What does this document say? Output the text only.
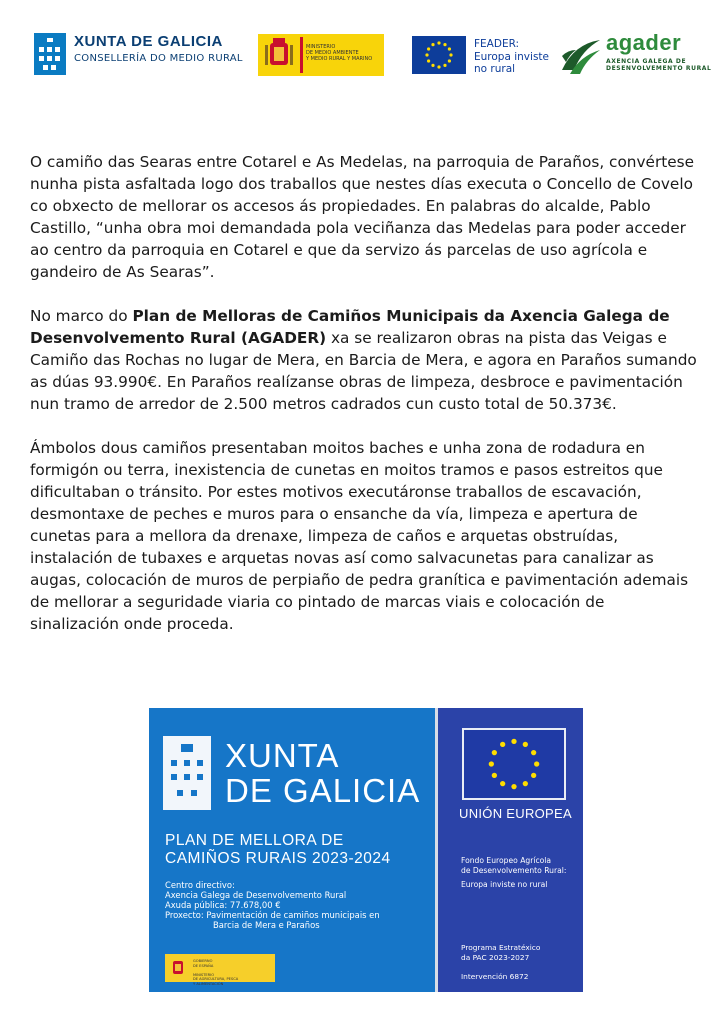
XUNTA DE GALICIA
CONSELLERÍA DO MEDIO RURAL
MINISTERIO
DE MEDIO AMBIENTE
Y MEDIO RURAL Y MARINO
FEADER:
Europa inviste
no rural
agader
AXENCIA GALEGA DE
DESENVOLVEMENTO RURAL

O camiño das Searas entre Cotarel e As Medelas, na parroquia de Paraños, convértese nunha pista asfaltada logo dos traballos que nestes días executa o Concello de Covelo co obxecto de mellorar os accesos ás propiedades. En palabras do alcalde, Pablo Castillo, “unha obra moi demandada pola veciñanza das Medelas para poder acceder ao centro da parroquia en Cotarel e que da servizo ás parcelas de uso agrícola e gandeiro de As Searas”.

No marco do Plan de Melloras de Camiños Municipais da Axencia Galega de Desenvolvemento Rural (AGADER) xa se realizaron obras na pista das Veigas e Camiño das Rochas no lugar de Mera, en Barcia de Mera, e agora en Paraños sumando as dúas 93.990€. En Paraños realízanse obras de limpeza, desbroce e pavimentación nun tramo de arredor de 2.500 metros cadrados cun custo total de 50.373€.

Ámbolos dous camiños presentaban moitos baches e unha zona de rodadura en formigón ou terra, inexistencia de cunetas en moitos tramos e pasos estreitos que dificultaban o tránsito. Por estes motivos executáronse traballos de escavación, desmontaxe de peches e muros para o ensanche da vía, limpeza e apertura de cunetas para a mellora da drenaxe, limpeza de caños e arquetas obstruídas, instalación de tubaxes e arquetas novas así como salvacunetas para canalizar as augas, colocación de muros de perpiaño de pedra granítica e pavimentación ademais de mellorar a seguridade viaria co pintado de marcas viais e colocación de sinalización onde proceda.

XUNTA
DE GALICIA
PLAN DE MELLORA DE
CAMIÑOS RURAIS 2023-2024
Centro directivo:
Axencia Galega de Desenvolvemento Rural
Axuda pública: 77.678,00 €
Proxecto: Pavimentación de camiños municipais en
Barcia de Mera e Paraños
GOBIERNO
DE ESPAÑA

MINISTERIO
DE AGRICULTURA, PESCA
Y ALIMENTACIÓN
UNIÓN EUROPEA
Fondo Europeo Agrícola
de Desenvolvemento Rural:
Europa inviste no rural
Programa Estratéxico
da PAC 2023-2027
Intervención 6872
